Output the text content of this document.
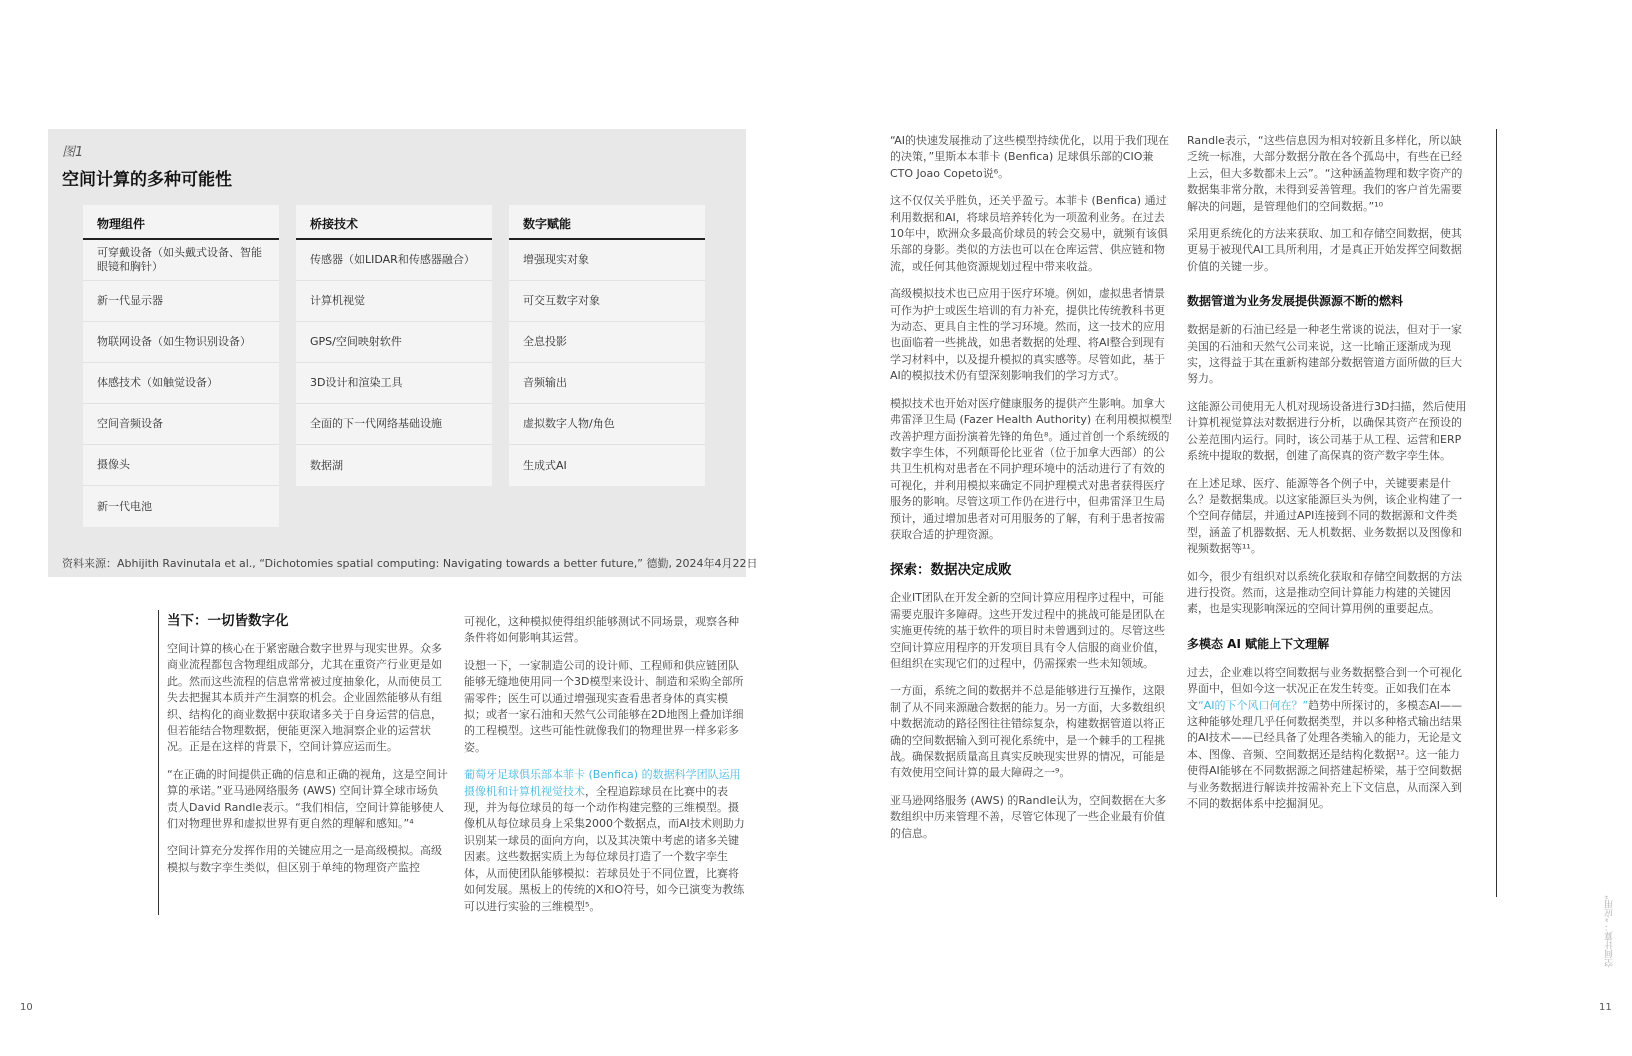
图1
空间计算的多种可能性
物理组件
可穿戴设备（如头戴式设备、智能眼镜和胸针）
新一代显示器
物联网设备（如生物识别设备）
体感技术（如触觉设备）
空间音频设备
摄像头
新一代电池
桥接技术
传感器（如LIDAR和传感器融合）
计算机视觉
GPS/空间映射软件
3D设计和渲染工具
全面的下一代网络基础设施
数据湖
数字赋能
增强现实对象
可交互数字对象
全息投影
音频输出
虚拟数字人物/角色
生成式AI
资料来源：Abhijith Ravinutala et al., “Dichotomies spatial computing: Navigating towards a better future,” 德勤, 2024年4月22日
当下：一切皆数字化

空间计算的核心在于紧密融合数字世界与现实世界。众多商业流程都包含物理组成部分，尤其在重资产行业更是如此。然而这些流程的信息常常被过度抽象化，从而使员工失去把握其本质并产生洞察的机会。企业固然能够从有组织、结构化的商业数据中获取诸多关于自身运营的信息，但若能结合物理数据，便能更深入地洞察企业的运营状况。正是在这样的背景下，空间计算应运而生。

“在正确的时间提供正确的信息和正确的视角，这是空间计算的承诺。”亚马逊网络服务 (AWS) 空间计算全球市场负责人David Randle表示。“我们相信，空间计算能够使人们对物理世界和虚拟世界有更自然的理解和感知。”⁴

空间计算充分发挥作用的关键应用之一是高级模拟。高级模拟与数字孪生类似，但区别于单纯的物理资产监控

可视化，这种模拟使得组织能够测试不同场景，观察各种条件将如何影响其运营。

设想一下，一家制造公司的设计师、工程师和供应链团队能够无缝地使用同一个3D模型来设计、制造和采购全部所需零件；医生可以通过增强现实查看患者身体的真实模拟；或者一家石油和天然气公司能够在2D地图上叠加详细的工程模型。这些可能性就像我们的物理世界一样多彩多姿。

葡萄牙足球俱乐部本菲卡 (Benfica) 的数据科学团队运用摄像机和计算机视觉技术，全程追踪球员在比赛中的表现，并为每位球员的每一个动作构建完整的三维模型。摄像机从每位球员身上采集2000个数据点，而AI技术则助力识别某一球员的面向方向，以及其决策中考虑的诸多关键因素。这些数据实质上为每位球员打造了一个数字孪生体，从而使团队能够模拟：若球员处于不同位置，比赛将如何发展。黑板上的传统的X和O符号，如今已演变为教练可以进行实验的三维模型⁵。

10

“AI的快速发展推动了这些模型持续优化，以用于我们现在的决策，”里斯本本菲卡 (Benfica) 足球俱乐部的CIO兼CTO Joao Copeto说⁶。

这不仅仅关乎胜负，还关乎盈亏。本菲卡 (Benfica) 通过利用数据和AI，将球员培养转化为一项盈利业务。在过去10年中，欧洲众多最高价球员的转会交易中，就频有该俱乐部的身影。类似的方法也可以在仓库运营、供应链和物流，或任何其他资源规划过程中带来收益。

高级模拟技术也已应用于医疗环境。例如，虚拟患者情景可作为护士或医生培训的有力补充，提供比传统教科书更为动态、更具自主性的学习环境。然而，这一技术的应用也面临着一些挑战，如患者数据的处理、将AI整合到现有学习材料中，以及提升模拟的真实感等。尽管如此，基于AI的模拟技术仍有望深刻影响我们的学习方式⁷。

模拟技术也开始对医疗健康服务的提供产生影响。加拿大弗雷泽卫生局 (Fazer Health Authority) 在利用模拟模型改善护理方面扮演着先锋的角色⁸。通过首创一个系统级的数字孪生体，不列颠哥伦比亚省（位于加拿大西部）的公共卫生机构对患者在不同护理环境中的活动进行了有效的可视化，并利用模拟来确定不同护理模式对患者获得医疗服务的影响。尽管这项工作仍在进行中，但弗雷泽卫生局预计，通过增加患者对可用服务的了解，有利于患者按需获取合适的护理资源。

探索：数据决定成败

企业IT团队在开发全新的空间计算应用程序过程中，可能需要克服许多障碍。这些开发过程中的挑战可能是团队在实施更传统的基于软件的项目时未曾遇到过的。尽管这些空间计算应用程序的开发项目具有令人信服的商业价值，但组织在实现它们的过程中，仍需探索一些未知领域。

一方面，系统之间的数据并不总是能够进行互操作，这限制了从不同来源融合数据的能力。另一方面，大多数组织中数据流动的路径图往往错综复杂，构建数据管道以将正确的空间数据输入到可视化系统中，是一个棘手的工程挑战。确保数据质量高且真实反映现实世界的情况，可能是有效使用空间计算的最大障碍之一⁹。

亚马逊网络服务 (AWS) 的Randle认为，空间数据在大多数组织中历来管理不善，尽管它体现了一些企业最有价值的信息。

Randle表示，“这些信息因为相对较新且多样化，所以缺乏统一标准，大部分数据分散在各个孤岛中，有些在已经上云，但大多数都未上云”。“这种涵盖物理和数字资产的数据集非常分散，未得到妥善管理。我们的客户首先需要解决的问题，是管理他们的空间数据。”¹⁰

采用更系统化的方法来获取、加工和存储空间数据，使其更易于被现代AI工具所利用，才是真正开始发挥空间数据价值的关键一步。

数据管道为业务发展提供源源不断的燃料

数据是新的石油已经是一种老生常谈的说法，但对于一家美国的石油和天然气公司来说，这一比喻正逐渐成为现实，这得益于其在重新构建部分数据管道方面所做的巨大努力。

这能源公司使用无人机对现场设备进行3D扫描，然后使用计算机视觉算法对数据进行分析，以确保其资产在预设的公差范围内运行。同时，该公司基于从工程、运营和ERP系统中提取的数据，创建了高保真的资产数字孪生体。

在上述足球、医疗、能源等各个例子中，关键要素是什么？是数据集成。以这家能源巨头为例，该企业构建了一个空间存储层，并通过API连接到不同的数据源和文件类型，涵盖了机器数据、无人机数据、业务数据以及图像和视频数据等¹¹。

如今，很少有组织对以系统化获取和存储空间数据的方法进行投资。然而，这是推动空间计算能力构建的关键因素，也是实现影响深远的空间计算用例的重要起点。

多模态 AI 赋能上下文理解

过去，企业难以将空间数据与业务数据整合到一个可视化界面中，但如今这一状况正在发生转变。正如我们在本文“AI的下个风口何在？”趋势中所探讨的，多模态AI——这种能够处理几乎任何数据类型，并以多种格式输出结果的AI技术——已经具备了处理各类输入的能力，无论是文本、图像、音频、空间数据还是结构化数据¹²。这一能力使得AI能够在不同数据源之间搭建起桥梁，基于空间数据与业务数据进行解读并按需补充上下文信息，从而深入到不同的数据体系中挖掘洞见。

空间计算：“应用”
11
